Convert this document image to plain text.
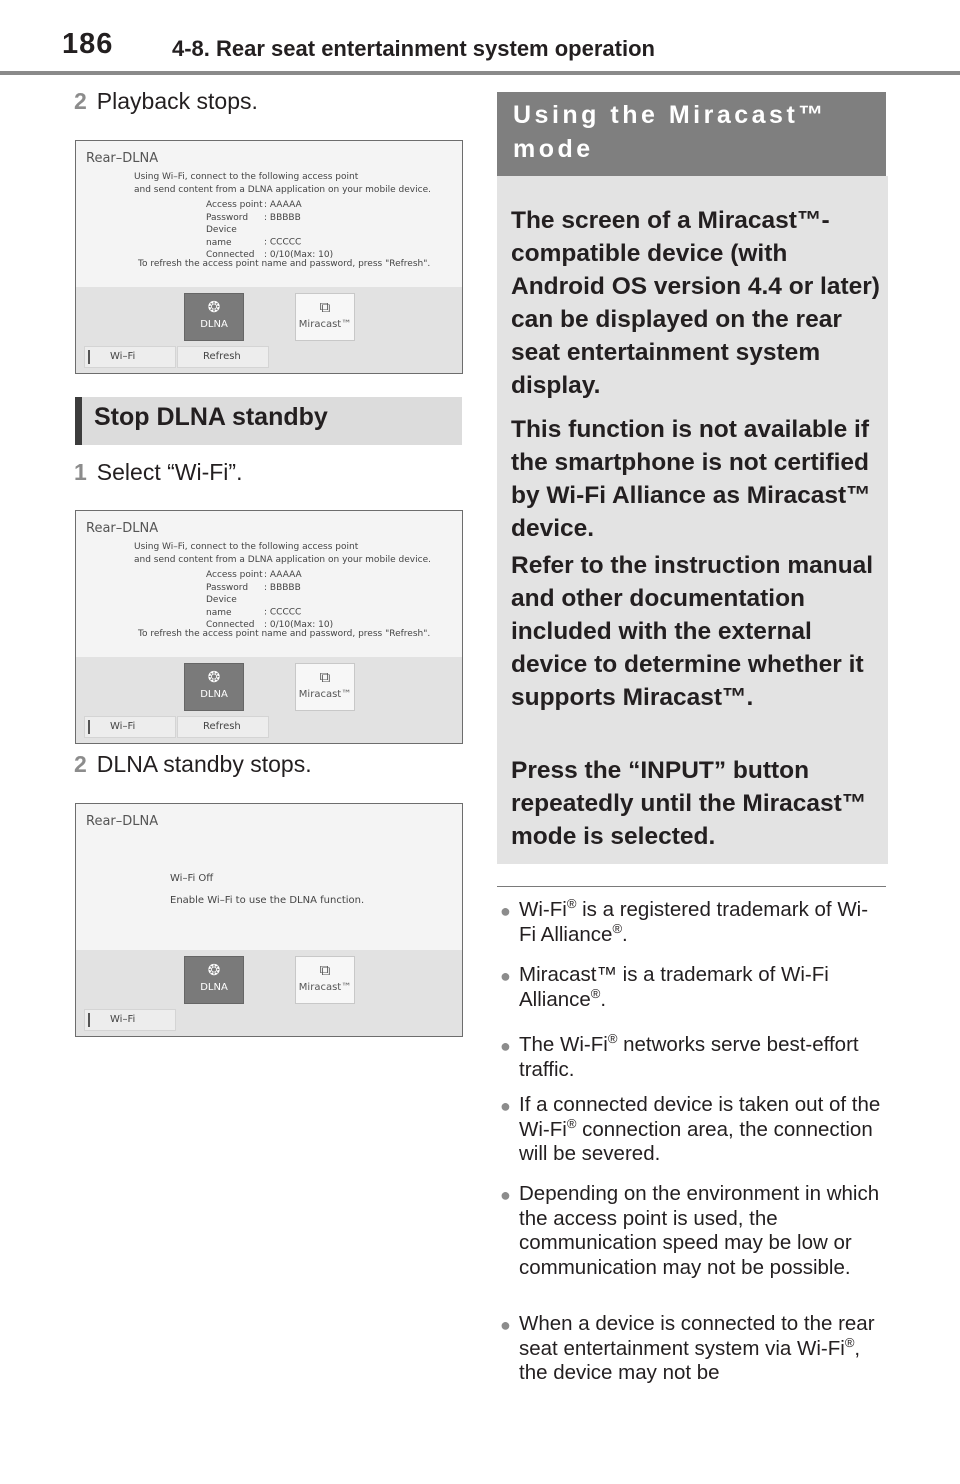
186	4-8. Rear seat entertainment system operation
2 Playback stops.
Rear–DLNA
Using Wi–Fi, connect to the following access point
and send content from a DLNA application on your mobile device.
Access point: AAAAA
Password : BBBBB
Device name	: CCCCC
Connected : 0/10(Max: 10)
To refresh the access point name and password, press "Refresh".
❂
DLNA
⧉
Miracast™
Wi–Fi	Refresh
Stop DLNA standby
1 Select “Wi-Fi”.
Rear–DLNA
Using Wi–Fi, connect to the following access point
and send content from a DLNA application on your mobile device.
Access point: AAAAA
Password : BBBBB
Device name	: CCCCC
Connected : 0/10(Max: 10)
To refresh the access point name and password, press "Refresh".
❂
DLNA
⧉
Miracast™
Wi–Fi	Refresh
2 DLNA standby stops.
Rear–DLNA
Wi–Fi Off
Enable Wi–Fi to use the DLNA function.
❂
DLNA
⧉
Miracast™
Wi–Fi
Using the Miracast™ mode

The screen of a Miracast™-compatible device (with Android OS version 4.4 or later) can be displayed on the rear seat entertainment system display.

This function is not available if the smartphone is not certified by Wi-Fi Alliance as Miracast™ device.

Refer to the instruction manual and other documentation included with the external device to determine whether it supports Miracast™.

Press the “INPUT” button repeatedly until the Miracast™ mode is selected.

● Wi-Fi® is a registered trademark of Wi-Fi Alliance®.
● Miracast™ is a trademark of Wi-Fi Alliance®.
● The Wi-Fi® networks serve best-effort traffic.
● If a connected device is taken out of the Wi-Fi® connection area, the connection will be severed.
● Depending on the environment in which the access point is used, the communication speed may be low or communication may not be possible.
● When a device is connected to the rear seat entertainment system via Wi-Fi®, the device may not be
